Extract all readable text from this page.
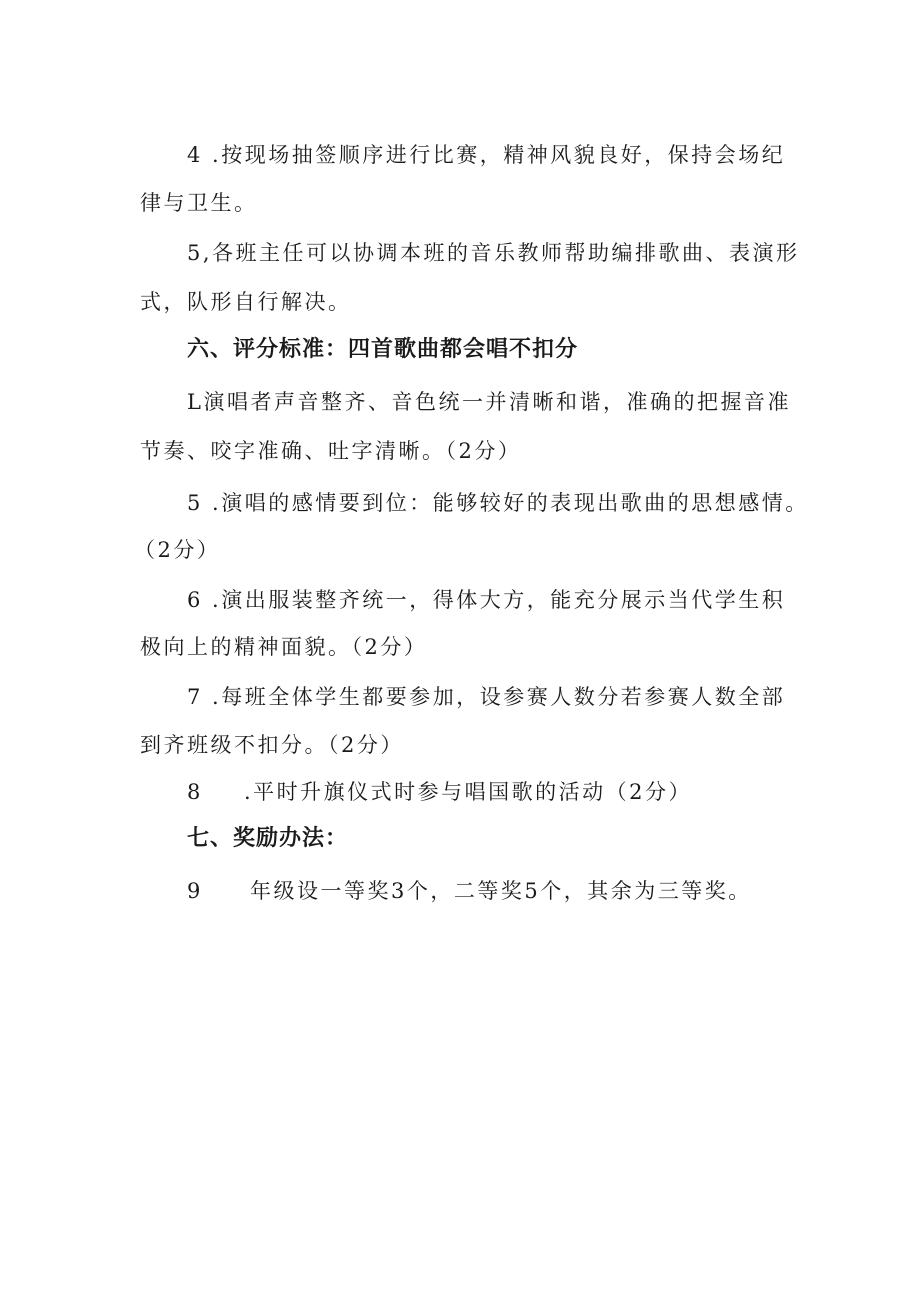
4 .按现场抽签顺序进行比赛，精神风貌良好，保持会场纪
律与卫生。
5,各班主任可以协调本班的音乐教师帮助编排歌曲、表演形
式，队形自行解决。
六、评分标准：四首歌曲都会唱不扣分
L演唱者声音整齐、音色统一并清晰和谐，准确的把握音准
节奏、咬字准确、吐字清晰。（2分）
5 .演唱的感情要到位：能够较好的表现出歌曲的思想感情。
（2分）
6 .演出服装整齐统一，得体大方，能充分展示当代学生积
极向上的精神面貌。（2分）
7 .每班全体学生都要参加，设参赛人数分若参赛人数全部
到齐班级不扣分。（2分）
8 .平时升旗仪式时参与唱国歌的活动（2分）
七、奖励办法：
9 年级设一等奖3个，二等奖5个，其余为三等奖。
